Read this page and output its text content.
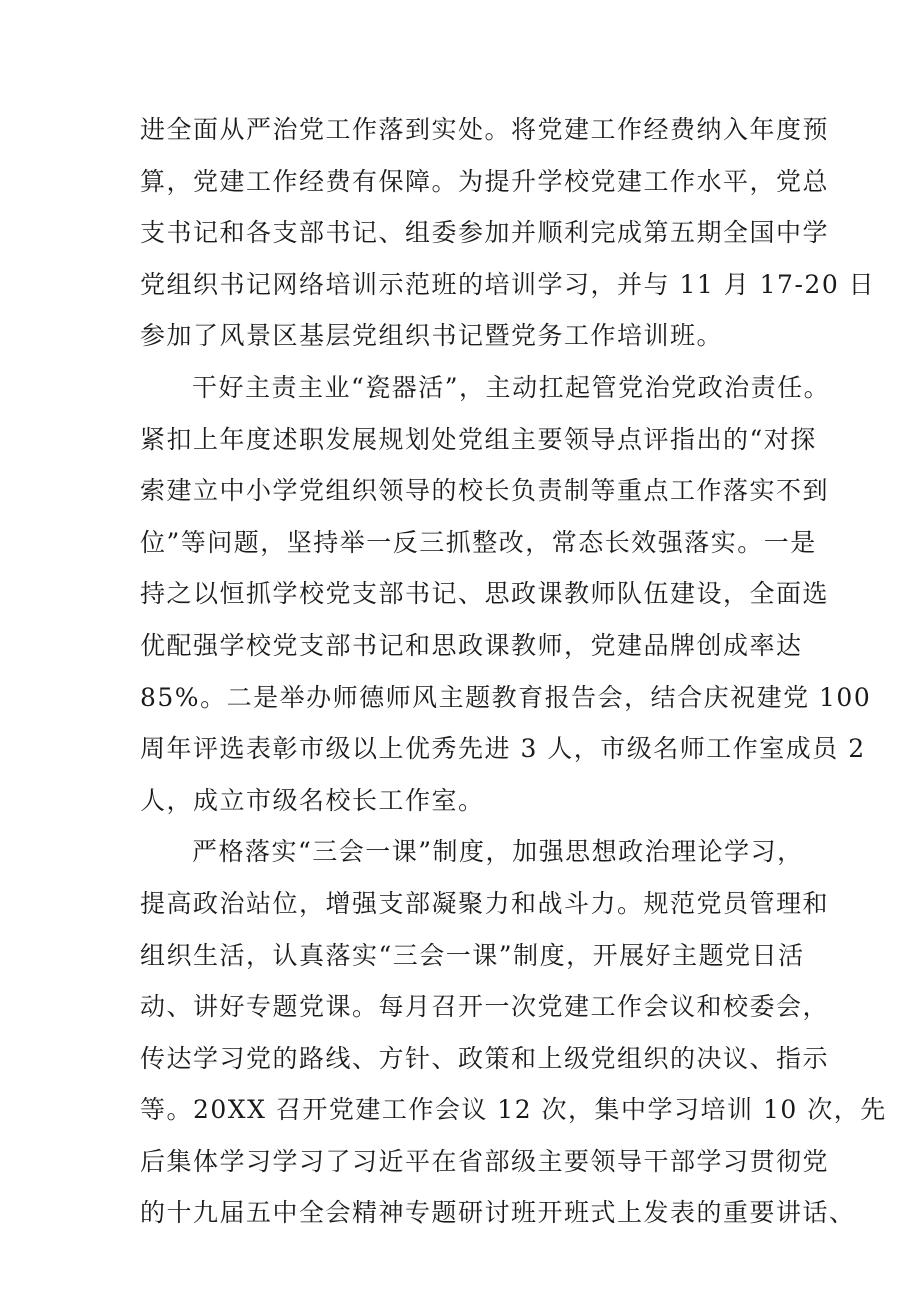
进全面从严治党工作落到实处。将党建工作经费纳入年度预
算，党建工作经费有保障。为提升学校党建工作水平，党总
支书记和各支部书记、组委参加并顺利完成第五期全国中学
党组织书记网络培训示范班的培训学习，并与 11 月 17-20 日
参加了风景区基层党组织书记暨党务工作培训班。
干好主责主业“瓷器活”，主动扛起管党治党政治责任。
紧扣上年度述职发展规划处党组主要领导点评指出的“对探
索建立中小学党组织领导的校长负责制等重点工作落实不到
位”等问题，坚持举一反三抓整改，常态长效强落实。一是
持之以恒抓学校党支部书记、思政课教师队伍建设，全面选
优配强学校党支部书记和思政课教师，党建品牌创成率达
85%。二是举办师德师风主题教育报告会，结合庆祝建党 100
周年评选表彰市级以上优秀先进 3 人，市级名师工作室成员 2
人，成立市级名校长工作室。
严格落实“三会一课”制度，加强思想政治理论学习，
提高政治站位，增强支部凝聚力和战斗力。规范党员管理和
组织生活，认真落实“三会一课”制度，开展好主题党日活
动、讲好专题党课。每月召开一次党建工作会议和校委会，
传达学习党的路线、方针、政策和上级党组织的决议、指示
等。20XX 召开党建工作会议 12 次，集中学习培训 10 次，先
后集体学习学习了习近平在省部级主要领导干部学习贯彻党
的十九届五中全会精神专题研讨班开班式上发表的重要讲话、
